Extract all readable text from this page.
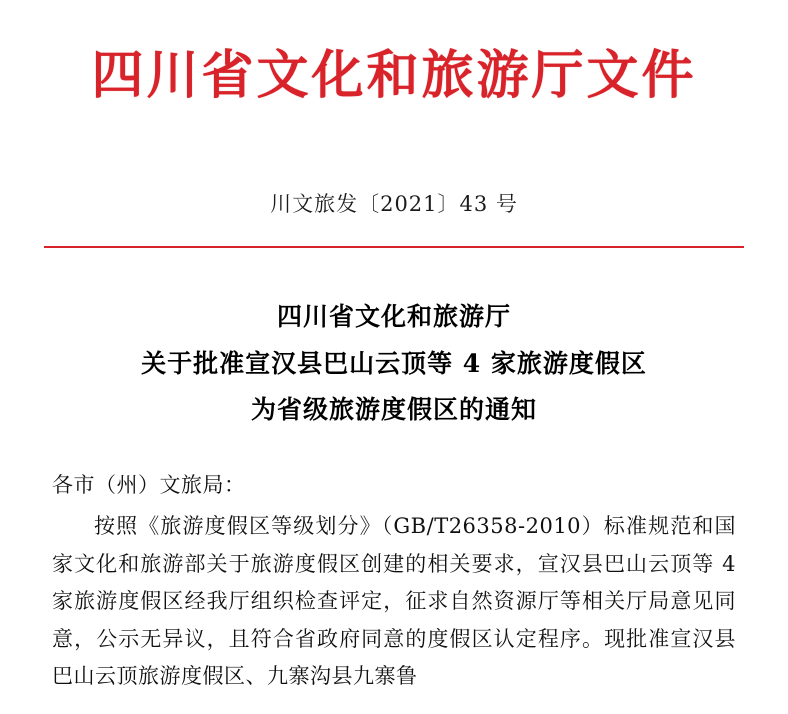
四川省文化和旅游厅文件
川文旅发〔2021〕43 号
四川省文化和旅游厅
关于批准宣汉县巴山云顶等 4 家旅游度假区
为省级旅游度假区的通知
各市（州）文旅局：

按照《旅游度假区等级划分》（GB/T26358-2010）标准规范和国家文化和旅游部关于旅游度假区创建的相关要求，宣汉县巴山云顶等 4 家旅游度假区经我厅组织检查评定，征求自然资源厅等相关厅局意见同意，公示无异议，且符合省政府同意的度假区认定程序。现批准宣汉县巴山云顶旅游度假区、九寨沟县九寨鲁
